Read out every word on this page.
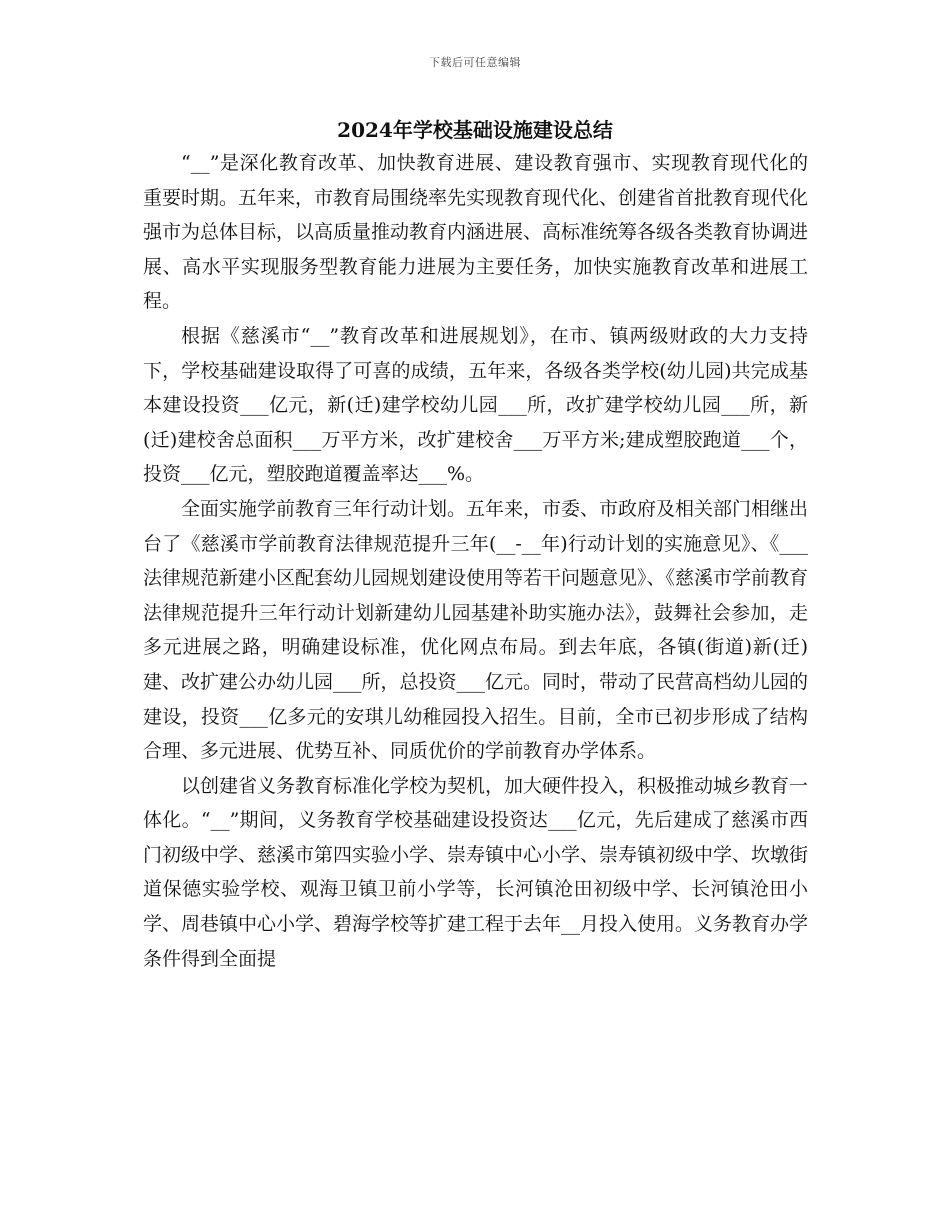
下载后可任意编辑
2024年学校基础设施建设总结

“__”是深化教育改革、加快教育进展、建设教育强市、实现教育现代化的重要时期。五年来，市教育局围绕率先实现教育现代化、创建省首批教育现代化强市为总体目标，以高质量推动教育内涵进展、高标准统筹各级各类教育协调进展、高水平实现服务型教育能力进展为主要任务，加快实施教育改革和进展工程。

根据《慈溪市“__”教育改革和进展规划》，在市、镇两级财政的大力支持下，学校基础建设取得了可喜的成绩，五年来，各级各类学校(幼儿园)共完成基本建设投资___亿元，新(迁)建学校幼儿园___所，改扩建学校幼儿园___所，新(迁)建校舍总面积___万平方米，改扩建校舍___万平方米;建成塑胶跑道___个，投资___亿元，塑胶跑道覆盖率达___%。

全面实施学前教育三年行动计划。五年来，市委、市政府及相关部门相继出台了《慈溪市学前教育法律规范提升三年(__-__年)行动计划的实施意见》、《___法律规范新建小区配套幼儿园规划建设使用等若干问题意见》、《慈溪市学前教育法律规范提升三年行动计划新建幼儿园基建补助实施办法》，鼓舞社会参加，走多元进展之路，明确建设标准，优化网点布局。到去年底，各镇(街道)新(迁)建、改扩建公办幼儿园___所，总投资___亿元。同时，带动了民营高档幼儿园的建设，投资___亿多元的安琪儿幼稚园投入招生。目前，全市已初步形成了结构合理、多元进展、优势互补、同质优价的学前教育办学体系。

以创建省义务教育标准化学校为契机，加大硬件投入，积极推动城乡教育一体化。“__”期间，义务教育学校基础建设投资达___亿元，先后建成了慈溪市西门初级中学、慈溪市第四实验小学、崇寿镇中心小学、崇寿镇初级中学、坎墩街道保德实验学校、观海卫镇卫前小学等，长河镇沧田初级中学、长河镇沧田小学、周巷镇中心小学、碧海学校等扩建工程于去年__月投入使用。义务教育办学条件得到全面提
